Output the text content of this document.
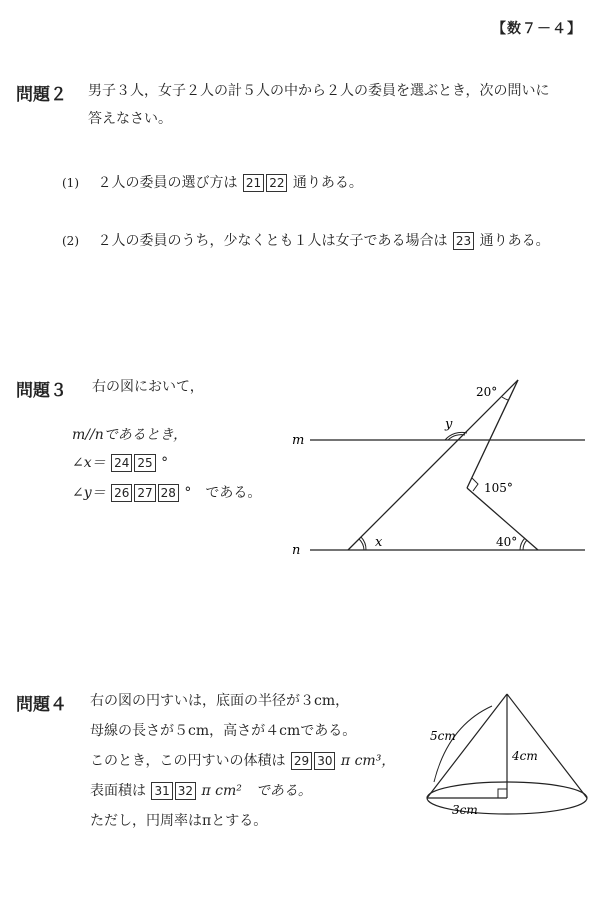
【数７－４】
問題２ 男子３人，女子２人の計５人の中から２人の委員を選ぶとき，次の問いに
答えなさい。
(1) ２人の委員の選び方は 21 22 通りある。
(2) ２人の委員のうち，少なくとも１人は女子である場合は 23 通りある。
問題３ 右の図において，
m//nであるとき，
∠x＝ 24 25 °
∠y＝ 26 27 28 °　である。
m
n
20°
105°
40°
x
y
問題４ 右の図の円すいは，底面の半径が３cm，
母線の長さが５cm，高さが４cmである。
このとき，この円すいの体積は 29 30 π cm³，
表面積は 31 32 π cm²　である。
ただし，円周率はπとする。
5cm
4cm
3cm
